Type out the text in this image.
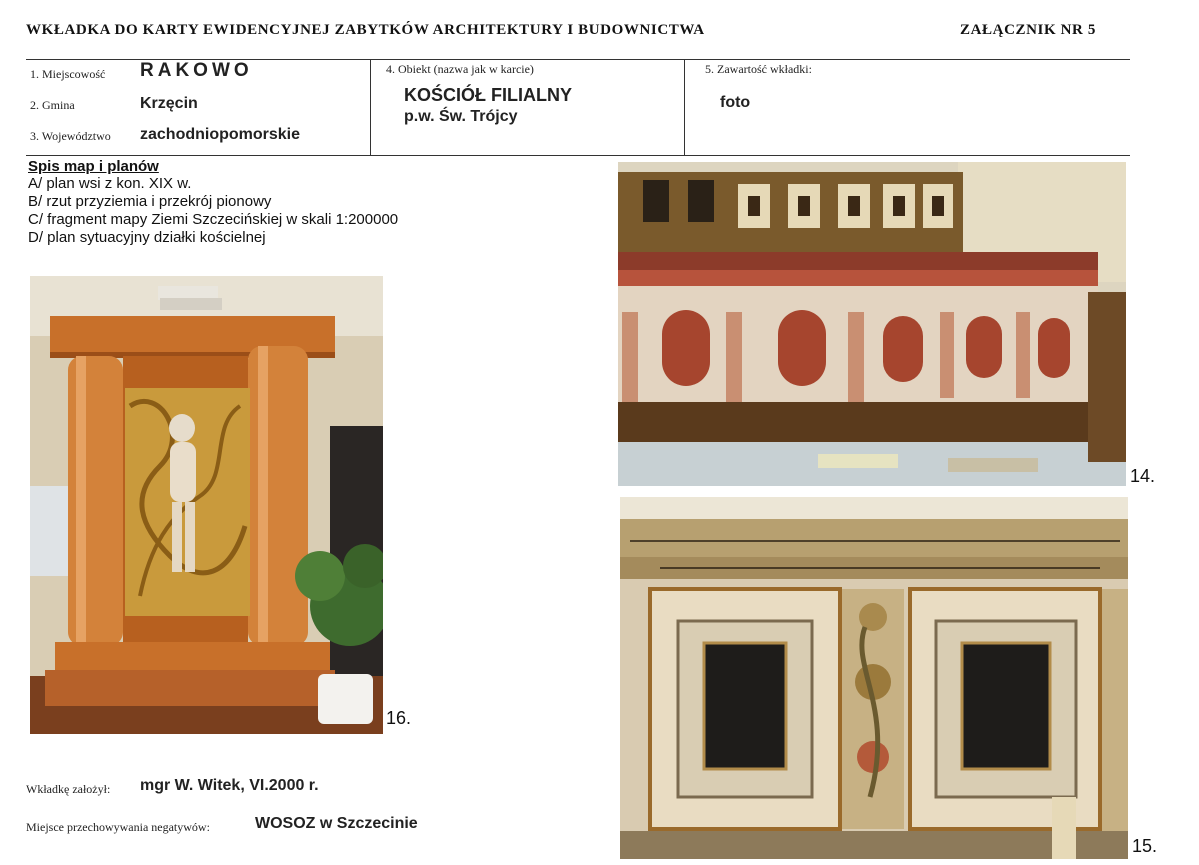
WKŁADKA DO KARTY EWIDENCYJNEJ ZABYTKÓW ARCHITEKTURY I BUDOWNICTWA	ZAŁĄCZNIK NR 5
1. Miejscowość RAKOWO
2. Gmina	Krzęcin
3. Województwo zachodniopomorskie
4. Obiekt (nazwa jak w karcie)
KOŚCIÓŁ FILIALNY
p.w. Św. Trójcy
5. Zawartość wkładki:
foto
Spis map i planów
A/ plan wsi z kon. XIX w.
B/ rzut przyziemia i przekrój pionowy
C/ fragment mapy Ziemi Szczecińskiej w skali 1:200000
D/ plan sytuacyjny działki kościelnej
16.
14.
15.
Wkładkę założył: mgr W. Witek, VI.2000 r.
Miejsce przechowywania negatywów:	WOSOZ w Szczecinie
